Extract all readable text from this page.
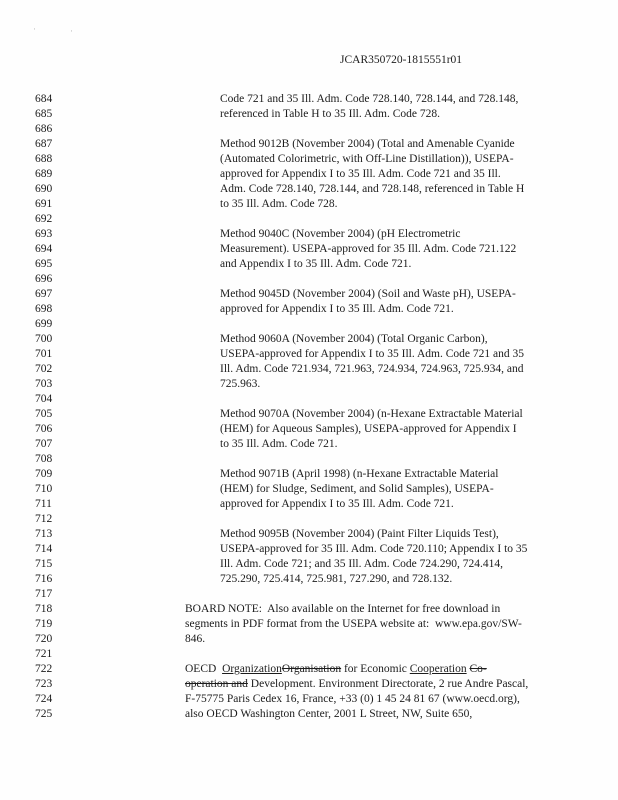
·	·
JCAR350720-1815551r01
684	Code 721 and 35 Ill. Adm. Code 728.140, 728.144, and 728.148,
685	referenced in Table H to 35 Ill. Adm. Code 728.
686
687	Method 9012B (November 2004) (Total and Amenable Cyanide
688	(Automated Colorimetric, with Off-Line Distillation)), USEPA-
689	approved for Appendix I to 35 Ill. Adm. Code 721 and 35 Ill.
690	Adm. Code 728.140, 728.144, and 728.148, referenced in Table H
691	to 35 Ill. Adm. Code 728.
692
693	Method 9040C (November 2004) (pH Electrometric
694	Measurement). USEPA-approved for 35 Ill. Adm. Code 721.122
695	and Appendix I to 35 Ill. Adm. Code 721.
696
697	Method 9045D (November 2004) (Soil and Waste pH), USEPA-
698	approved for Appendix I to 35 Ill. Adm. Code 721.
699
700	Method 9060A (November 2004) (Total Organic Carbon),
701	USEPA-approved for Appendix I to 35 Ill. Adm. Code 721 and 35
702	Ill. Adm. Code 721.934, 721.963, 724.934, 724.963, 725.934, and
703	725.963.
704
705	Method 9070A (November 2004) (n-Hexane Extractable Material
706	(HEM) for Aqueous Samples), USEPA-approved for Appendix I
707	to 35 Ill. Adm. Code 721.
708
709	Method 9071B (April 1998) (n-Hexane Extractable Material
710	(HEM) for Sludge, Sediment, and Solid Samples), USEPA-
711	approved for Appendix I to 35 Ill. Adm. Code 721.
712
713	Method 9095B (November 2004) (Paint Filter Liquids Test),
714	USEPA-approved for 35 Ill. Adm. Code 720.110; Appendix I to 35
715	Ill. Adm. Code 721; and 35 Ill. Adm. Code 724.290, 724.414,
716	725.290, 725.414, 725.981, 727.290, and 728.132.
717
718	BOARD NOTE:  Also available on the Internet for free download in
719	segments in PDF format from the USEPA website at:  www.epa.gov/SW-
720	846.
721
722	OECD  OrganizationOrganisation for Economic Cooperation Co-
723	operation and Development. Environment Directorate, 2 rue Andre Pascal,
724	F-75775 Paris Cedex 16, France, +33 (0) 1 45 24 81 67 (www.oecd.org),
725	also OECD Washington Center, 2001 L Street, NW, Suite 650,
